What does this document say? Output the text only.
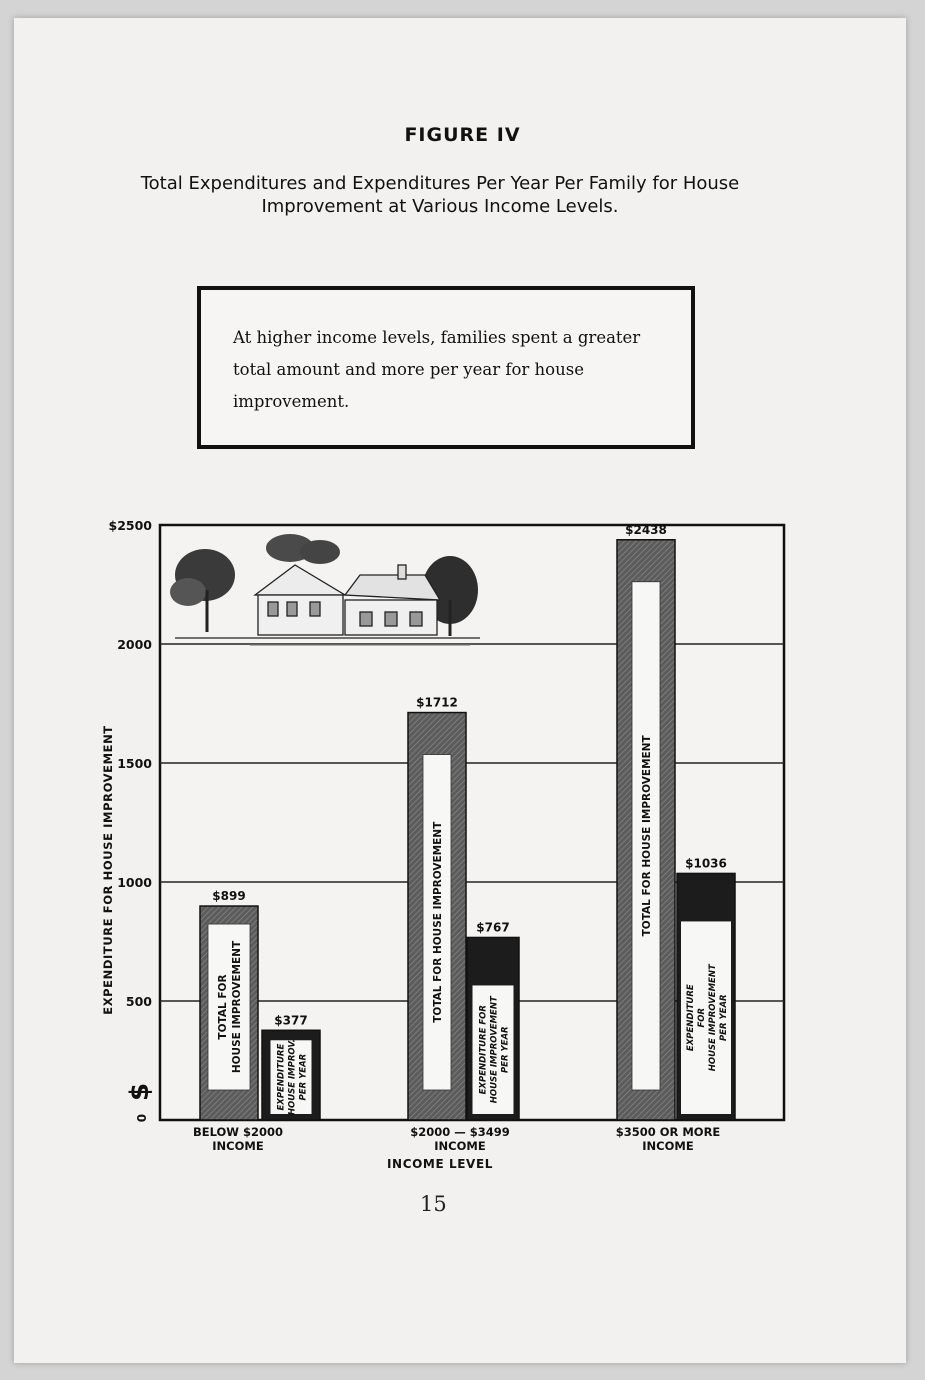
FIGURE IV
Total Expenditures and Expenditures Per Year Per Family for House Improvement at Various Income Levels.

At higher income levels, families spent a greater total amount and more per year for house improvement.

0
500
1000
1500
2000
$2500
$899
TOTAL FOR HOUSE IMPROVEMENT	$377
EXPENDITURE HOUSE IMPROV. PER YEAR
$1712
TOTAL FOR HOUSE IMPROVEMENT	$767
EXPENDITURE FOR HOUSE IMPROVEMENT PER YEAR
$2438
TOTAL FOR HOUSE IMPROVEMENT	$1036
EXPENDITURE FOR HOUSE IMPROVEMENT PER YEAR
BELOW $2000
INCOME
$2000 — $3499
INCOME
$3500 OR MORE
INCOME
EXPENDITURE FOR HOUSE IMPROVEMENT
$
INCOME LEVEL
15
